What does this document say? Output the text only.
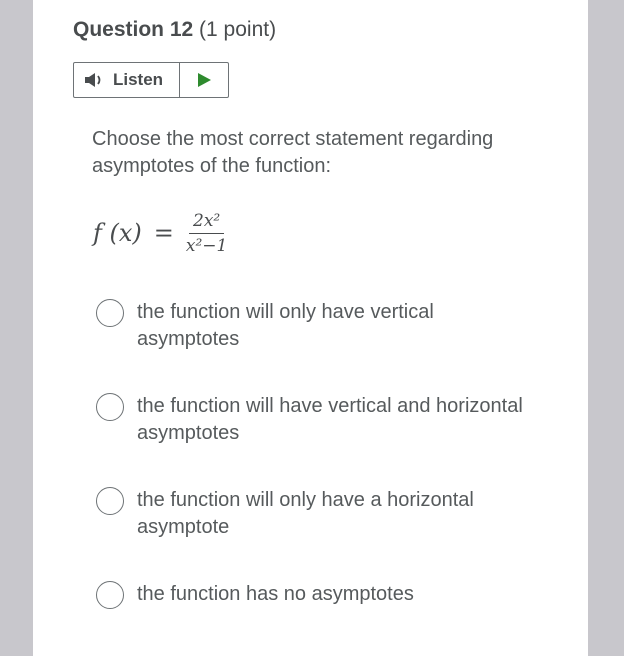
Question 12 (1 point)
Listen
Choose the most correct statement regarding asymptotes of the function:
f $(x) = \frac{\text{2x²}}{\text{x²−1}}$
the function will only have vertical asymptotes
the function will have vertical and horizontal asymptotes
the function will only have a horizontal asymptote
the function has no asymptotes
